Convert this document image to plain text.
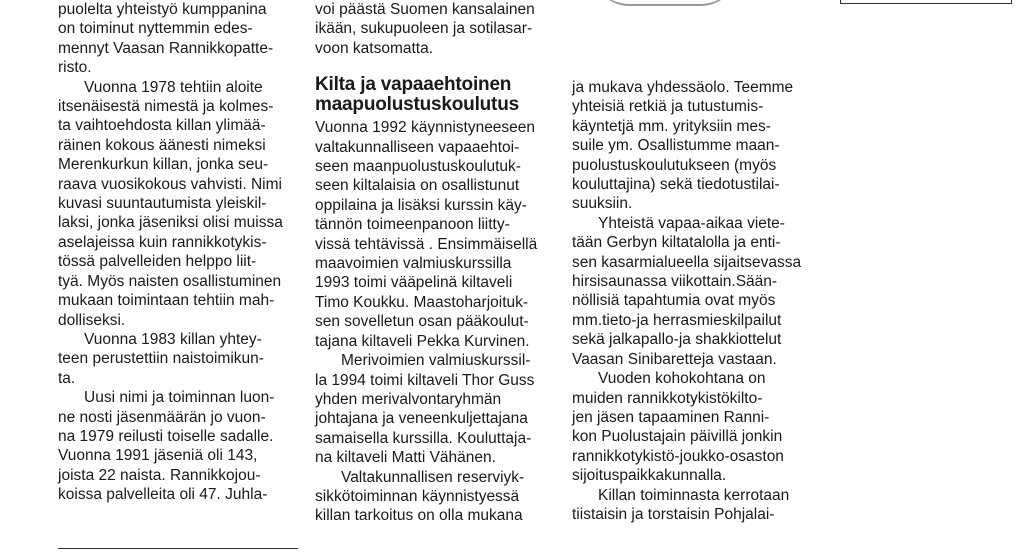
puolelta yhteistyö kumppanina
on toiminut nyttemmin edes-
mennyt Vaasan Rannikkopatte-
risto.

Vuonna 1978 tehtiin aloite
itsenäisestä nimestä ja kolmes-
ta vaihtoehdosta killan ylimää-
räinen kokous äänesti nimeksi
Merenkurkun killan, jonka seu-
raava vuosikokous vahvisti. Nimi
kuvasi suuntautumista yleiskil-
laksi, jonka jäseniksi olisi muissa
aselajeissa kuin rannikkotykis-
tössä palvelleiden helppo liit-
tyä. Myös naisten osallistuminen
mukaan toimintaan tehtiin mah-
dolliseksi.

Vuonna 1983 killan yhtey-
teen perustettiin naistoimikun-
ta.

Uusi nimi ja toiminnan luon-
ne nosti jäsenmäärän jo vuon-
na 1979 reilusti toiselle sadalle.
Vuonna 1991 jäseniä oli 143,
joista 22 naista. Rannikkojou-
koissa palvelleita oli 47. Juhla-

voi päästä Suomen kansalainen
ikään, sukupuoleen ja sotilasar-
voon katsomatta.

Kilta ja vapaaehtoinen
maapuolustuskoulutus

Vuonna 1992 käynnistyneeseen
valtakunnalliseen vapaaehtoi-
seen maanpuolustuskoulutuk-
seen kiltalaisia on osallistunut
oppilaina ja lisäksi kurssin käy-
tännön toimeenpanoon liitty-
vissä tehtävissä . Ensimmäisellä
maavoimien valmiuskurssilla
1993 toimi vääpelinä kiltaveli
Timo Koukku. Maastoharjoituk-
sen sovelletun osan pääkoulut-
tajana kiltaveli Pekka Kurvinen.

Merivoimien valmiuskurssil-
la 1994 toimi kiltaveli Thor Guss
yhden merivalvontaryhmän
johtajana ja veneenkuljettajana
samaisella kurssilla. Kouluttaja-
na kiltaveli Matti Vähänen.

Valtakunnallisen reserviyk-
sikkötoiminnan käynnistyessä
killan tarkoitus on olla mukana

ja mukava yhdessäolo. Teemme
yhteisiä retkiä ja tutustumis-
käyntetjä mm. yrityksiin mes-
suile ym. Osallistumme maan-
puolustuskoulutukseen (myös
kouluttajina) sekä tiedotustilai-
suuksiin.

Yhteistä vapaa-aikaa viete-
tään Gerbyn kiltatalolla ja enti-
sen kasarmialueella sijaitsevassa
hirsisaunassa viikottain.Sään-
nöllisiä tapahtumia ovat myös
mm.tieto-ja herrasmieskilpailut
sekä jalkapallo-ja shakkiottelut
Vaasan Sinibaretteja vastaan.

Vuoden kohokohtana on
muiden rannikkotykistökilto-
jen jäsen tapaaminen Ranni-
kon Puolustajain päivillä jonkin
rannikkotykistö-joukko-osaston
sijoituspaikkakunnalla.

Killan toiminnasta kerrotaan
tiistaisin ja torstaisin Pohjalai-
